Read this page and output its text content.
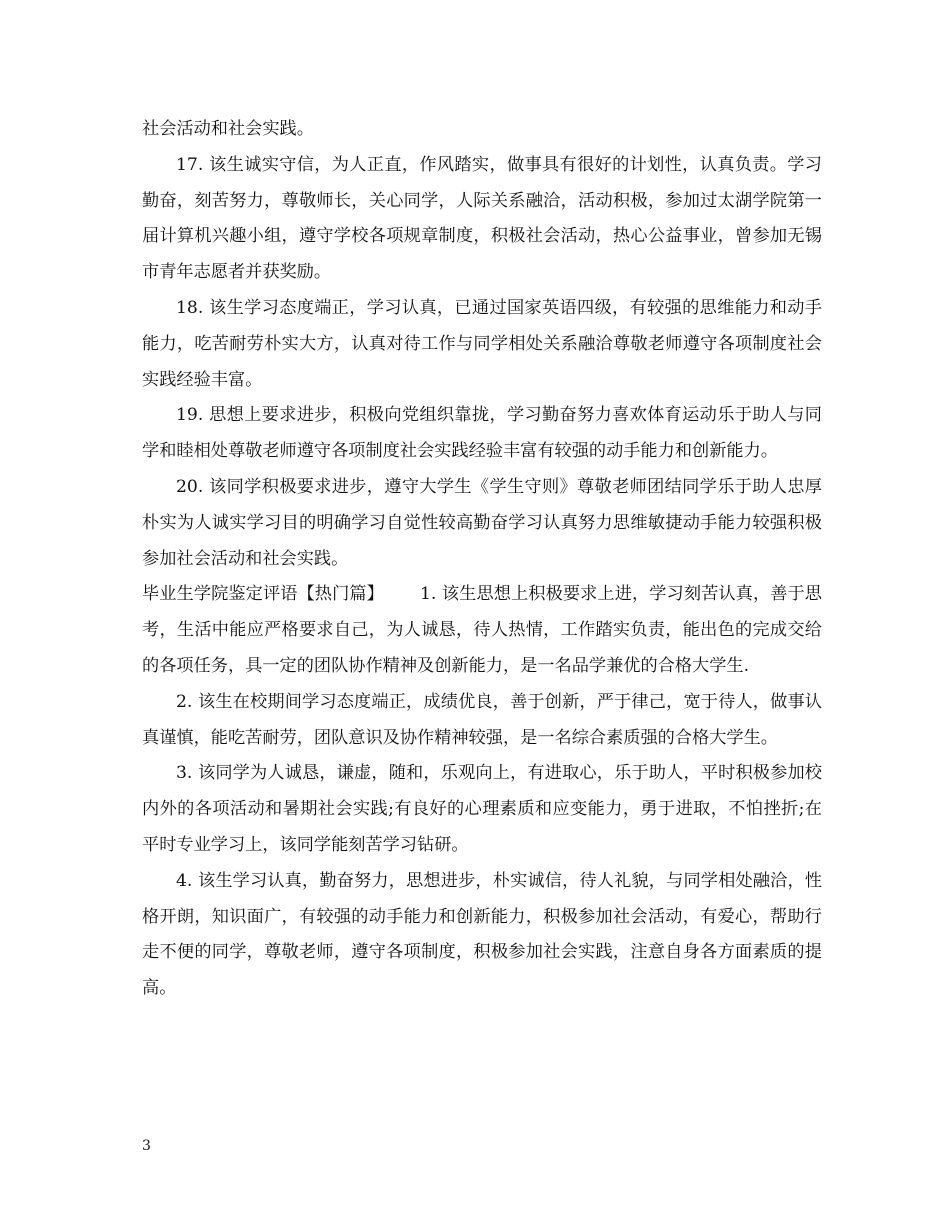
社会活动和社会实践。

17. 该生诚实守信，为人正直，作风踏实，做事具有很好的计划性，认真负责。学习勤奋，刻苦努力，尊敬师长，关心同学，人际关系融洽，活动积极，参加过太湖学院第一届计算机兴趣小组，遵守学校各项规章制度，积极社会活动，热心公益事业，曾参加无锡市青年志愿者并获奖励。

18. 该生学习态度端正，学习认真，已通过国家英语四级，有较强的思维能力和动手能力，吃苦耐劳朴实大方，认真对待工作与同学相处关系融洽尊敬老师遵守各项制度社会实践经验丰富。

19. 思想上要求进步，积极向党组织靠拢，学习勤奋努力喜欢体育运动乐于助人与同学和睦相处尊敬老师遵守各项制度社会实践经验丰富有较强的动手能力和创新能力。

20. 该同学积极要求进步，遵守大学生《学生守则》尊敬老师团结同学乐于助人忠厚朴实为人诚实学习目的明确学习自觉性较高勤奋学习认真努力思维敏捷动手能力较强积极参加社会活动和社会实践。

毕业生学院鉴定评语【热门篇】 1. 该生思想上积极要求上进，学习刻苦认真，善于思考，生活中能应严格要求自己，为人诚恳，待人热情，工作踏实负责，能出色的完成交给的各项任务，具一定的团队协作精神及创新能力，是一名品学兼优的合格大学生.

2. 该生在校期间学习态度端正，成绩优良，善于创新，严于律己，宽于待人，做事认真谨慎，能吃苦耐劳，团队意识及协作精神较强，是一名综合素质强的合格大学生。

3. 该同学为人诚恳，谦虚，随和，乐观向上，有进取心，乐于助人，平时积极参加校内外的各项活动和暑期社会实践;有良好的心理素质和应变能力，勇于进取，不怕挫折;在平时专业学习上，该同学能刻苦学习钻研。

4. 该生学习认真，勤奋努力，思想进步，朴实诚信，待人礼貌，与同学相处融洽，性格开朗，知识面广，有较强的动手能力和创新能力，积极参加社会活动，有爱心，帮助行走不便的同学，尊敬老师，遵守各项制度，积极参加社会实践，注意自身各方面素质的提高。

3
